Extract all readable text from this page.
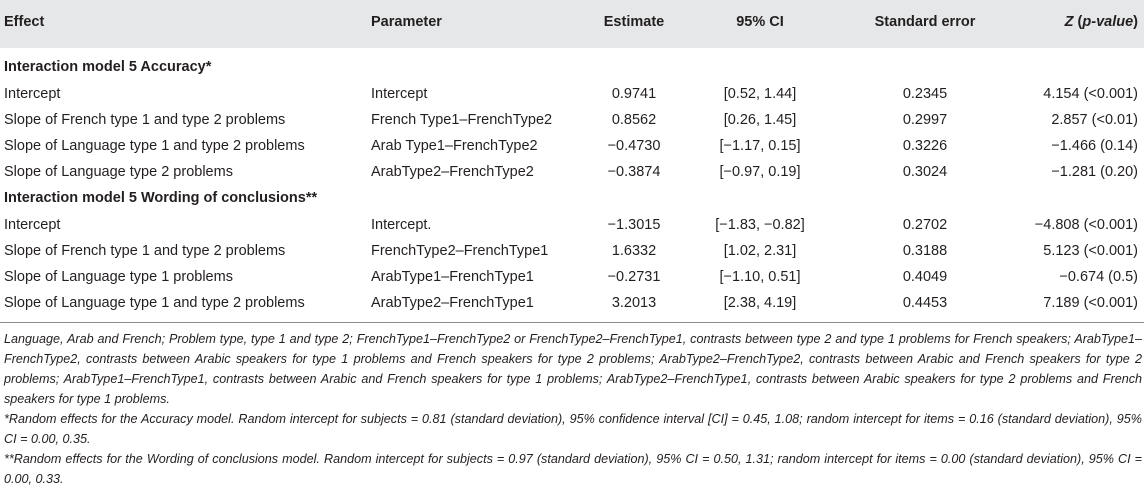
Effect	Parameter	Estimate	95% CI	Standard error	Z (p-value)
Interaction model 5 Accuracy*
Intercept	Intercept	0.9741	[0.52, 1.44]	0.2345	4.154 (<0.001)
Slope of French type 1 and type 2 problems	French Type1–FrenchType2	0.8562	[0.26, 1.45]	0.2997	2.857 (<0.01)
Slope of Language type 1 and type 2 problems	Arab Type1–FrenchType2	−0.4730	[−1.17, 0.15]	0.3226	−1.466 (0.14)
Slope of Language type 2 problems	ArabType2–FrenchType2	−0.3874	[−0.97, 0.19]	0.3024	−1.281 (0.20)
Interaction model 5 Wording of conclusions**
Intercept	Intercept.	−1.3015	[−1.83, −0.82]	0.2702	−4.808 (<0.001)
Slope of French type 1 and type 2 problems	FrenchType2–FrenchType1	1.6332	[1.02, 2.31]	0.3188	5.123 (<0.001)
Slope of Language type 1 problems	ArabType1–FrenchType1	−0.2731	[−1.10, 0.51]	0.4049	−0.674 (0.5)
Slope of Language type 1 and type 2 problems	ArabType2–FrenchType1	3.2013	[2.38, 4.19]	0.4453	7.189 (<0.001)

Language, Arab and French; Problem type, type 1 and type 2; FrenchType1–FrenchType2 or FrenchType2–FrenchType1, contrasts between type 2 and type 1 problems for French speakers; ArabType1–FrenchType2, contrasts between Arabic speakers for type 1 problems and French speakers for type 2 problems; ArabType2–FrenchType2, contrasts between Arabic and French speakers for type 2 problems; ArabType1–FrenchType1, contrasts between Arabic and French speakers for type 1 problems; ArabType2–FrenchType1, contrasts between Arabic speakers for type 2 problems and French speakers for type 1 problems.

*Random effects for the Accuracy model. Random intercept for subjects = 0.81 (standard deviation), 95% confidence interval [CI] = 0.45, 1.08; random intercept for items = 0.16 (standard deviation), 95% CI = 0.00, 0.35.

**Random effects for the Wording of conclusions model. Random intercept for subjects = 0.97 (standard deviation), 95% CI = 0.50, 1.31; random intercept for items = 0.00 (standard deviation), 95% CI = 0.00, 0.33.
